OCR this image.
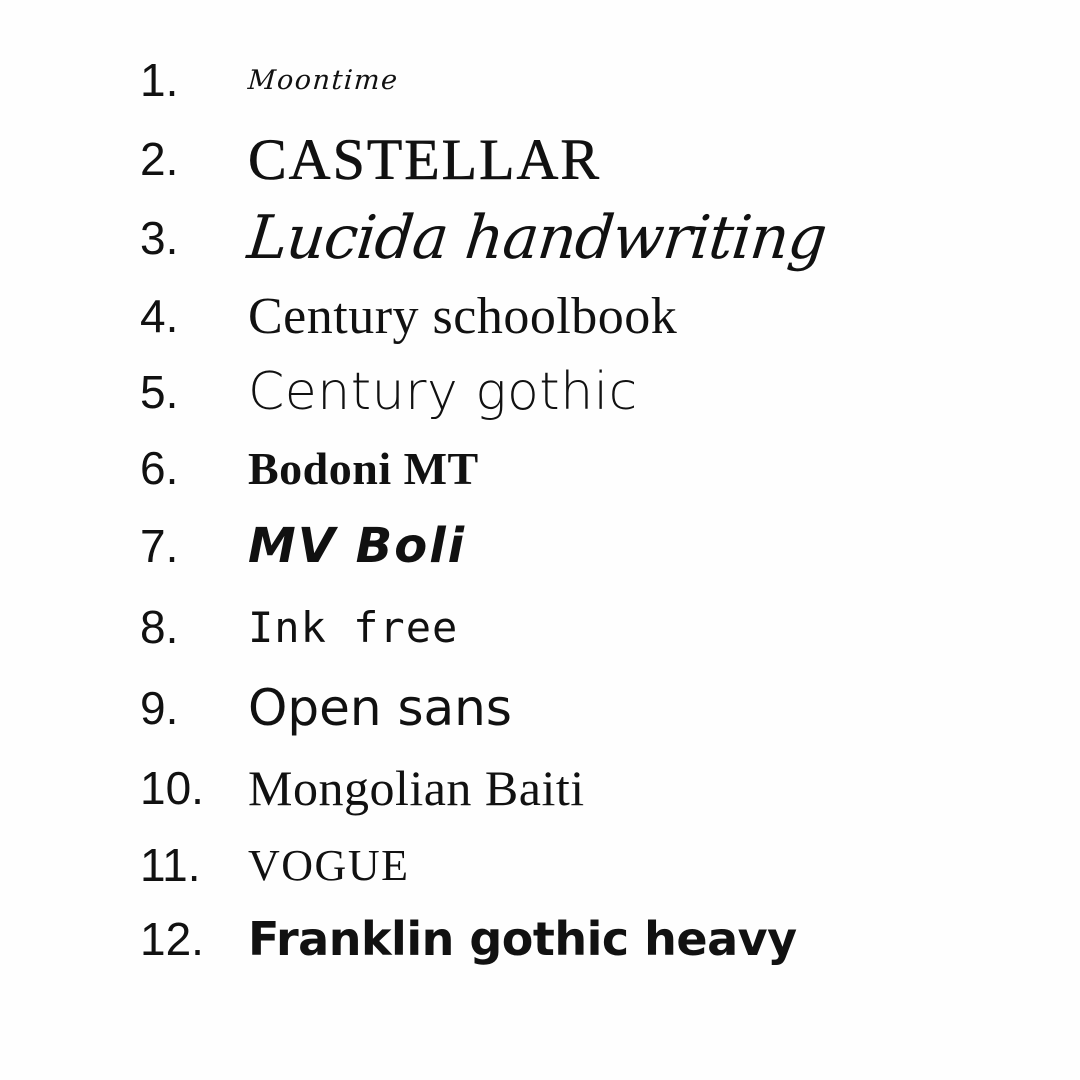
1.	Moontime
2.	CASTELLAR
3.	Lucida handwriting
4.	Century schoolbook
5.	Century gothic
6.	Bodoni MT
7.	MV Boli
8.	Ink free
9.	Open sans
10. Mongolian Baiti
11.	VOGUE
12. Franklin gothic heavy
